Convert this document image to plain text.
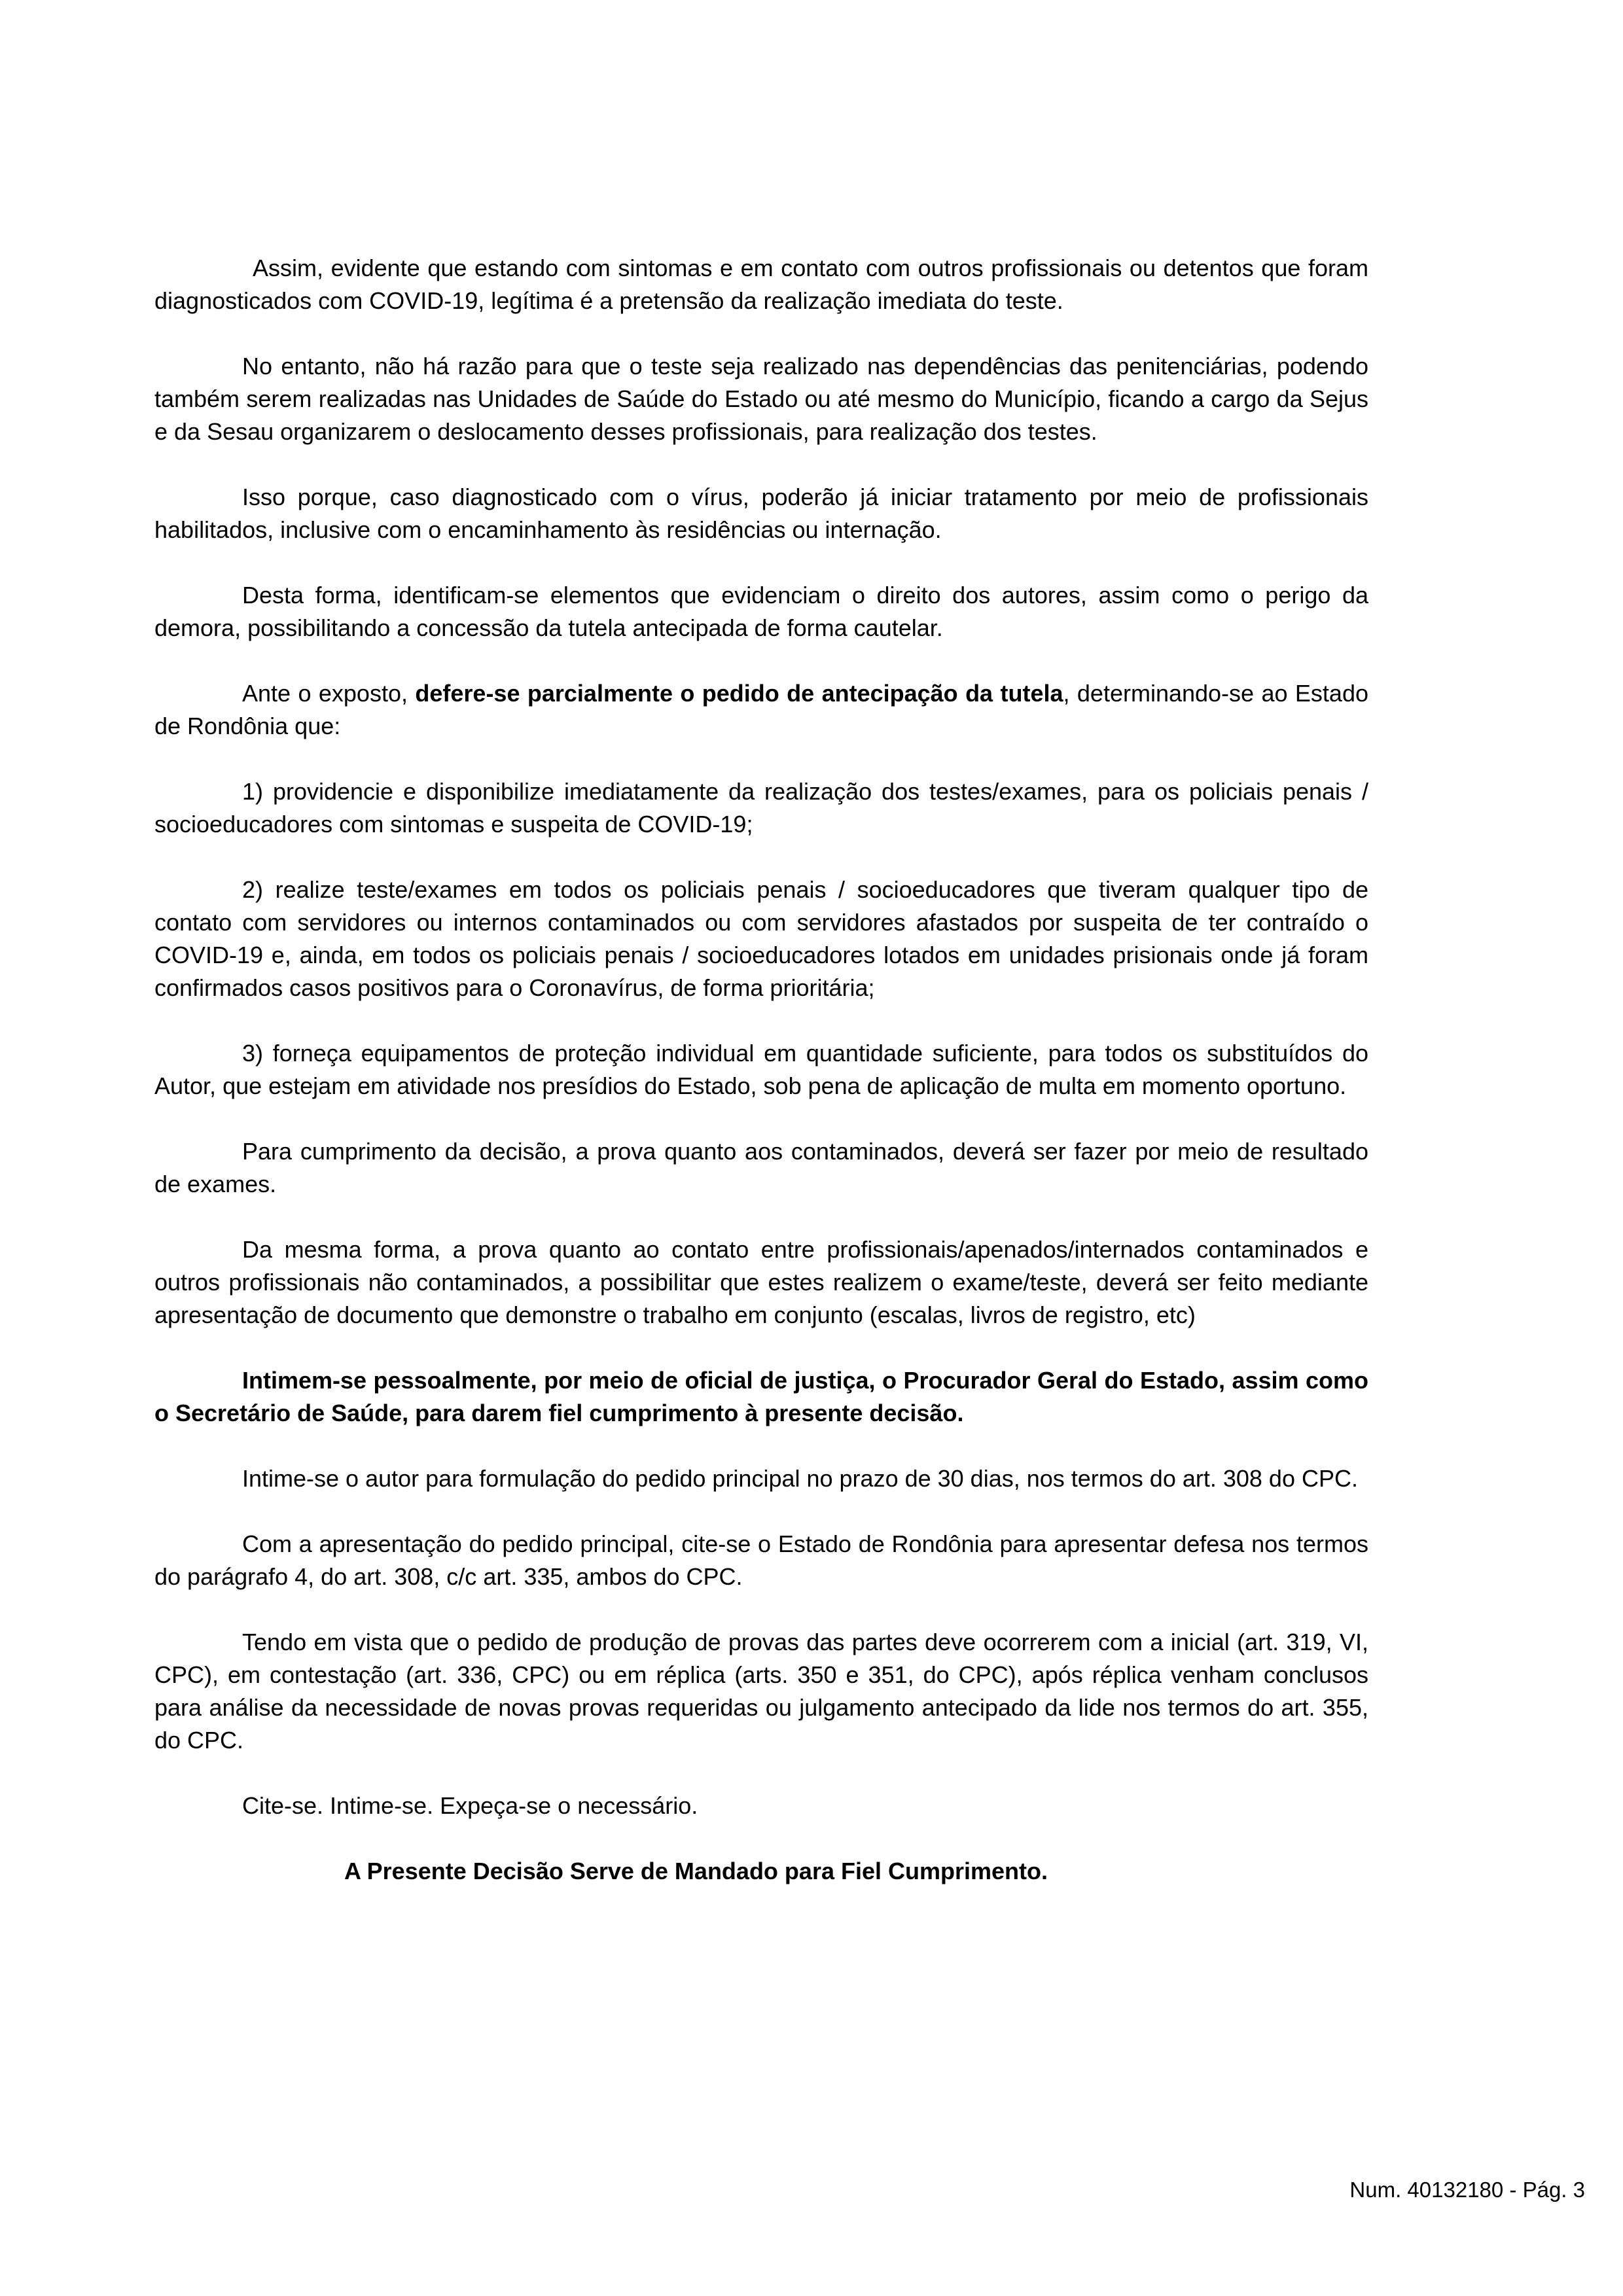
Assim, evidente que estando com sintomas e em contato com outros profissionais ou detentos que foram diagnosticados com COVID-19, legítima é a pretensão da realização imediata do teste.

No entanto, não há razão para que o teste seja realizado nas dependências das penitenciárias, podendo também serem realizadas nas Unidades de Saúde do Estado ou até mesmo do Município, ficando a cargo da Sejus e da Sesau organizarem o deslocamento desses profissionais, para realização dos testes.

Isso porque, caso diagnosticado com o vírus, poderão já iniciar tratamento por meio de profissionais habilitados, inclusive com o encaminhamento às residências ou internação.

Desta forma, identificam-se elementos que evidenciam o direito dos autores, assim como o perigo da demora, possibilitando a concessão da tutela antecipada de forma cautelar.

Ante o exposto, defere-se parcialmente o pedido de antecipação da tutela, determinando-se ao Estado de Rondônia que:

1) providencie e disponibilize imediatamente da realização dos testes/exames, para os policiais penais / socioeducadores com sintomas e suspeita de COVID-19;

2) realize teste/exames em todos os policiais penais / socioeducadores que tiveram qualquer tipo de contato com servidores ou internos contaminados ou com servidores afastados por suspeita de ter contraído o COVID-19 e, ainda, em todos os policiais penais / socioeducadores lotados em unidades prisionais onde já foram confirmados casos positivos para o Coronavírus, de forma prioritária;

3) forneça equipamentos de proteção individual em quantidade suficiente, para todos os substituídos do Autor, que estejam em atividade nos presídios do Estado, sob pena de aplicação de multa em momento oportuno.

Para cumprimento da decisão, a prova quanto aos contaminados, deverá ser fazer por meio de resultado de exames.

Da mesma forma, a prova quanto ao contato entre profissionais/apenados/internados contaminados e outros profissionais não contaminados, a possibilitar que estes realizem o exame/teste, deverá ser feito mediante apresentação de documento que demonstre o trabalho em conjunto (escalas, livros de registro, etc)

Intimem-se pessoalmente, por meio de oficial de justiça, o Procurador Geral do Estado, assim como o Secretário de Saúde, para darem fiel cumprimento à presente decisão.

Intime-se o autor para formulação do pedido principal no prazo de 30 dias, nos termos do art. 308 do CPC.

Com a apresentação do pedido principal, cite-se o Estado de Rondônia para apresentar defesa nos termos do parágrafo 4, do art. 308, c/c art. 335, ambos do CPC.

Tendo em vista que o pedido de produção de provas das partes deve ocorrerem com a inicial (art. 319, VI, CPC), em contestação (art. 336, CPC) ou em réplica (arts. 350 e 351, do CPC), após réplica venham conclusos para análise da necessidade de novas provas requeridas ou julgamento antecipado da lide nos termos do art. 355, do CPC.

Cite-se. Intime-se. Expeça-se o necessário.

A Presente Decisão Serve de Mandado para Fiel Cumprimento.

Num. 40132180 - Pág. 3
